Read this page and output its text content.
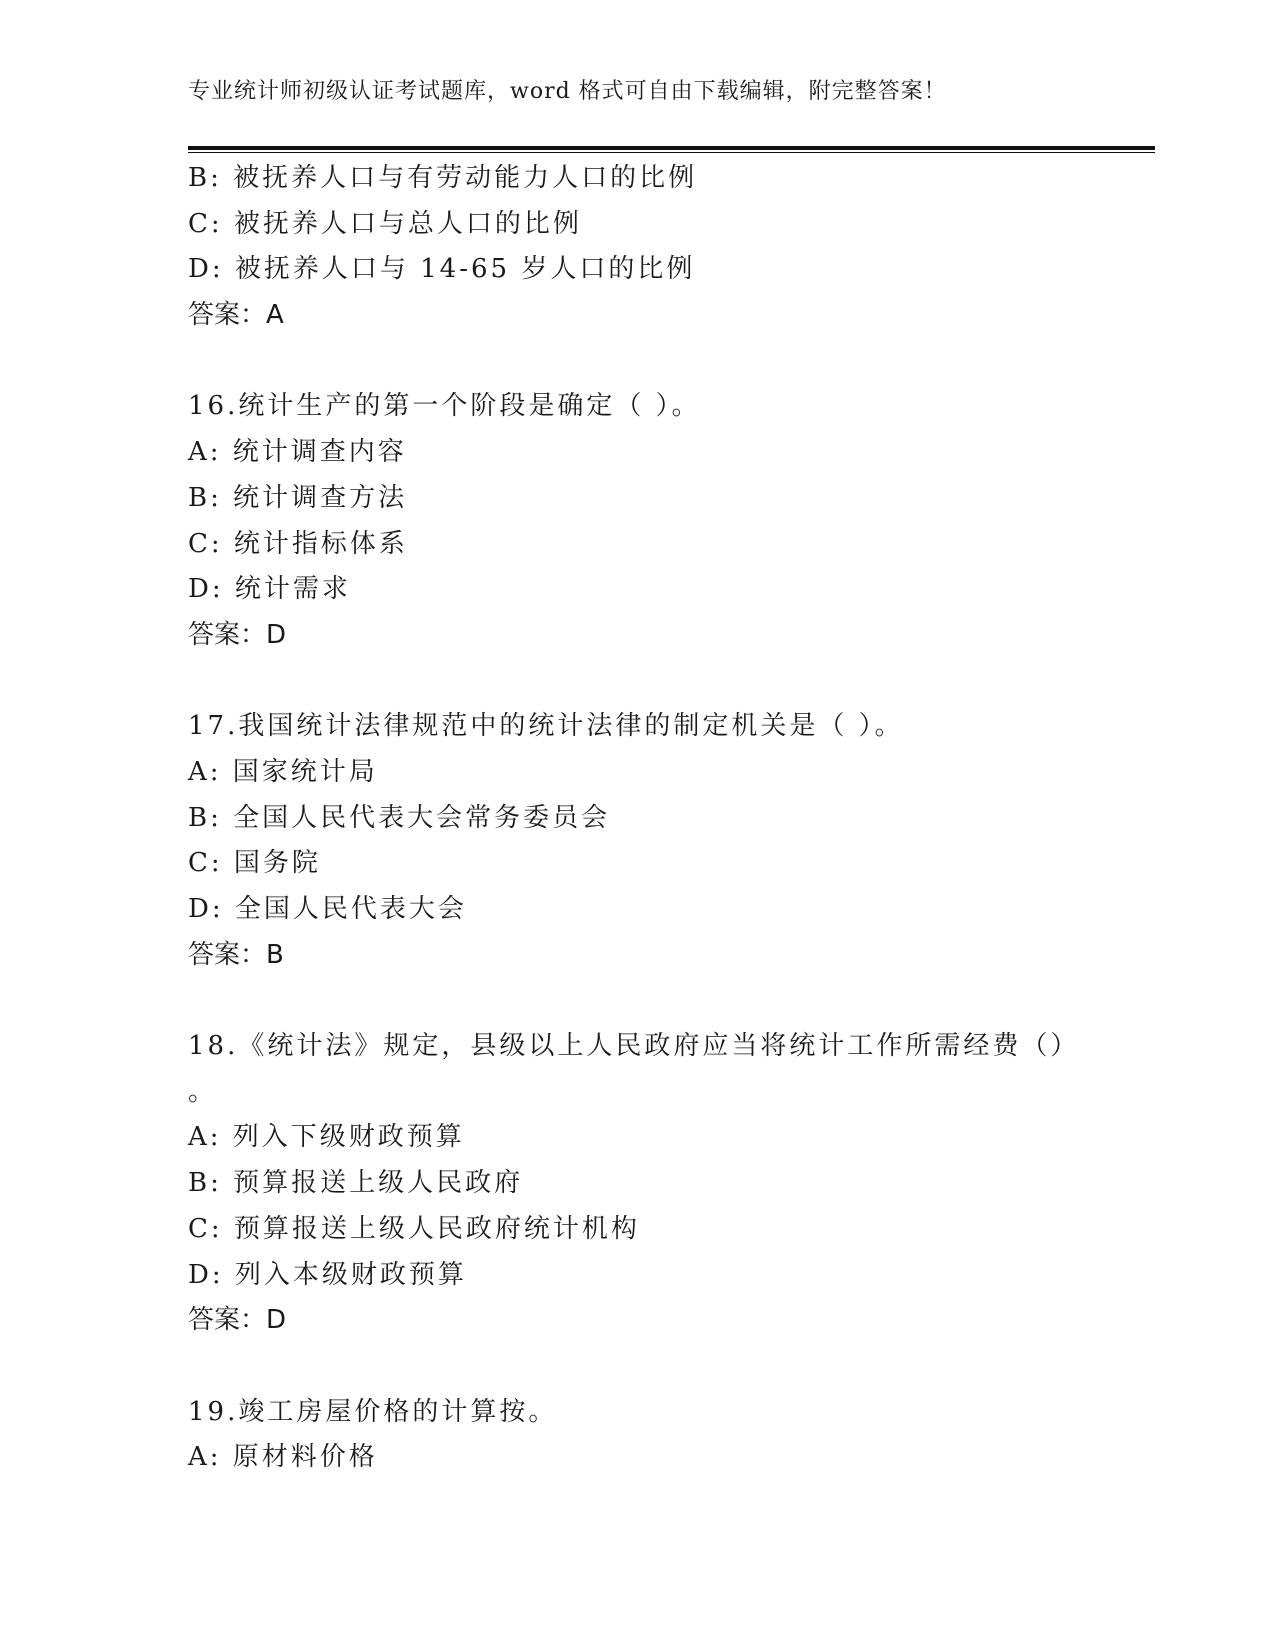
专业统计师初级认证考试题库，word 格式可自由下载编辑，附完整答案！
B: 被抚养人口与有劳动能力人口的比例
C: 被抚养人口与总人口的比例
D: 被抚养人口与 14-65 岁人口的比例
答案：A
16.统计生产的第一个阶段是确定（ ）。
A: 统计调查内容
B: 统计调查方法
C: 统计指标体系
D: 统计需求
答案：D
17.我国统计法律规范中的统计法律的制定机关是（ ）。
A: 国家统计局
B: 全国人民代表大会常务委员会
C: 国务院
D: 全国人民代表大会
答案：B
18.《统计法》规定，县级以上人民政府应当将统计工作所需经费（）
。
A: 列入下级财政预算
B: 预算报送上级人民政府
C: 预算报送上级人民政府统计机构
D: 列入本级财政预算
答案：D
19.竣工房屋价格的计算按。
A: 原材料价格
